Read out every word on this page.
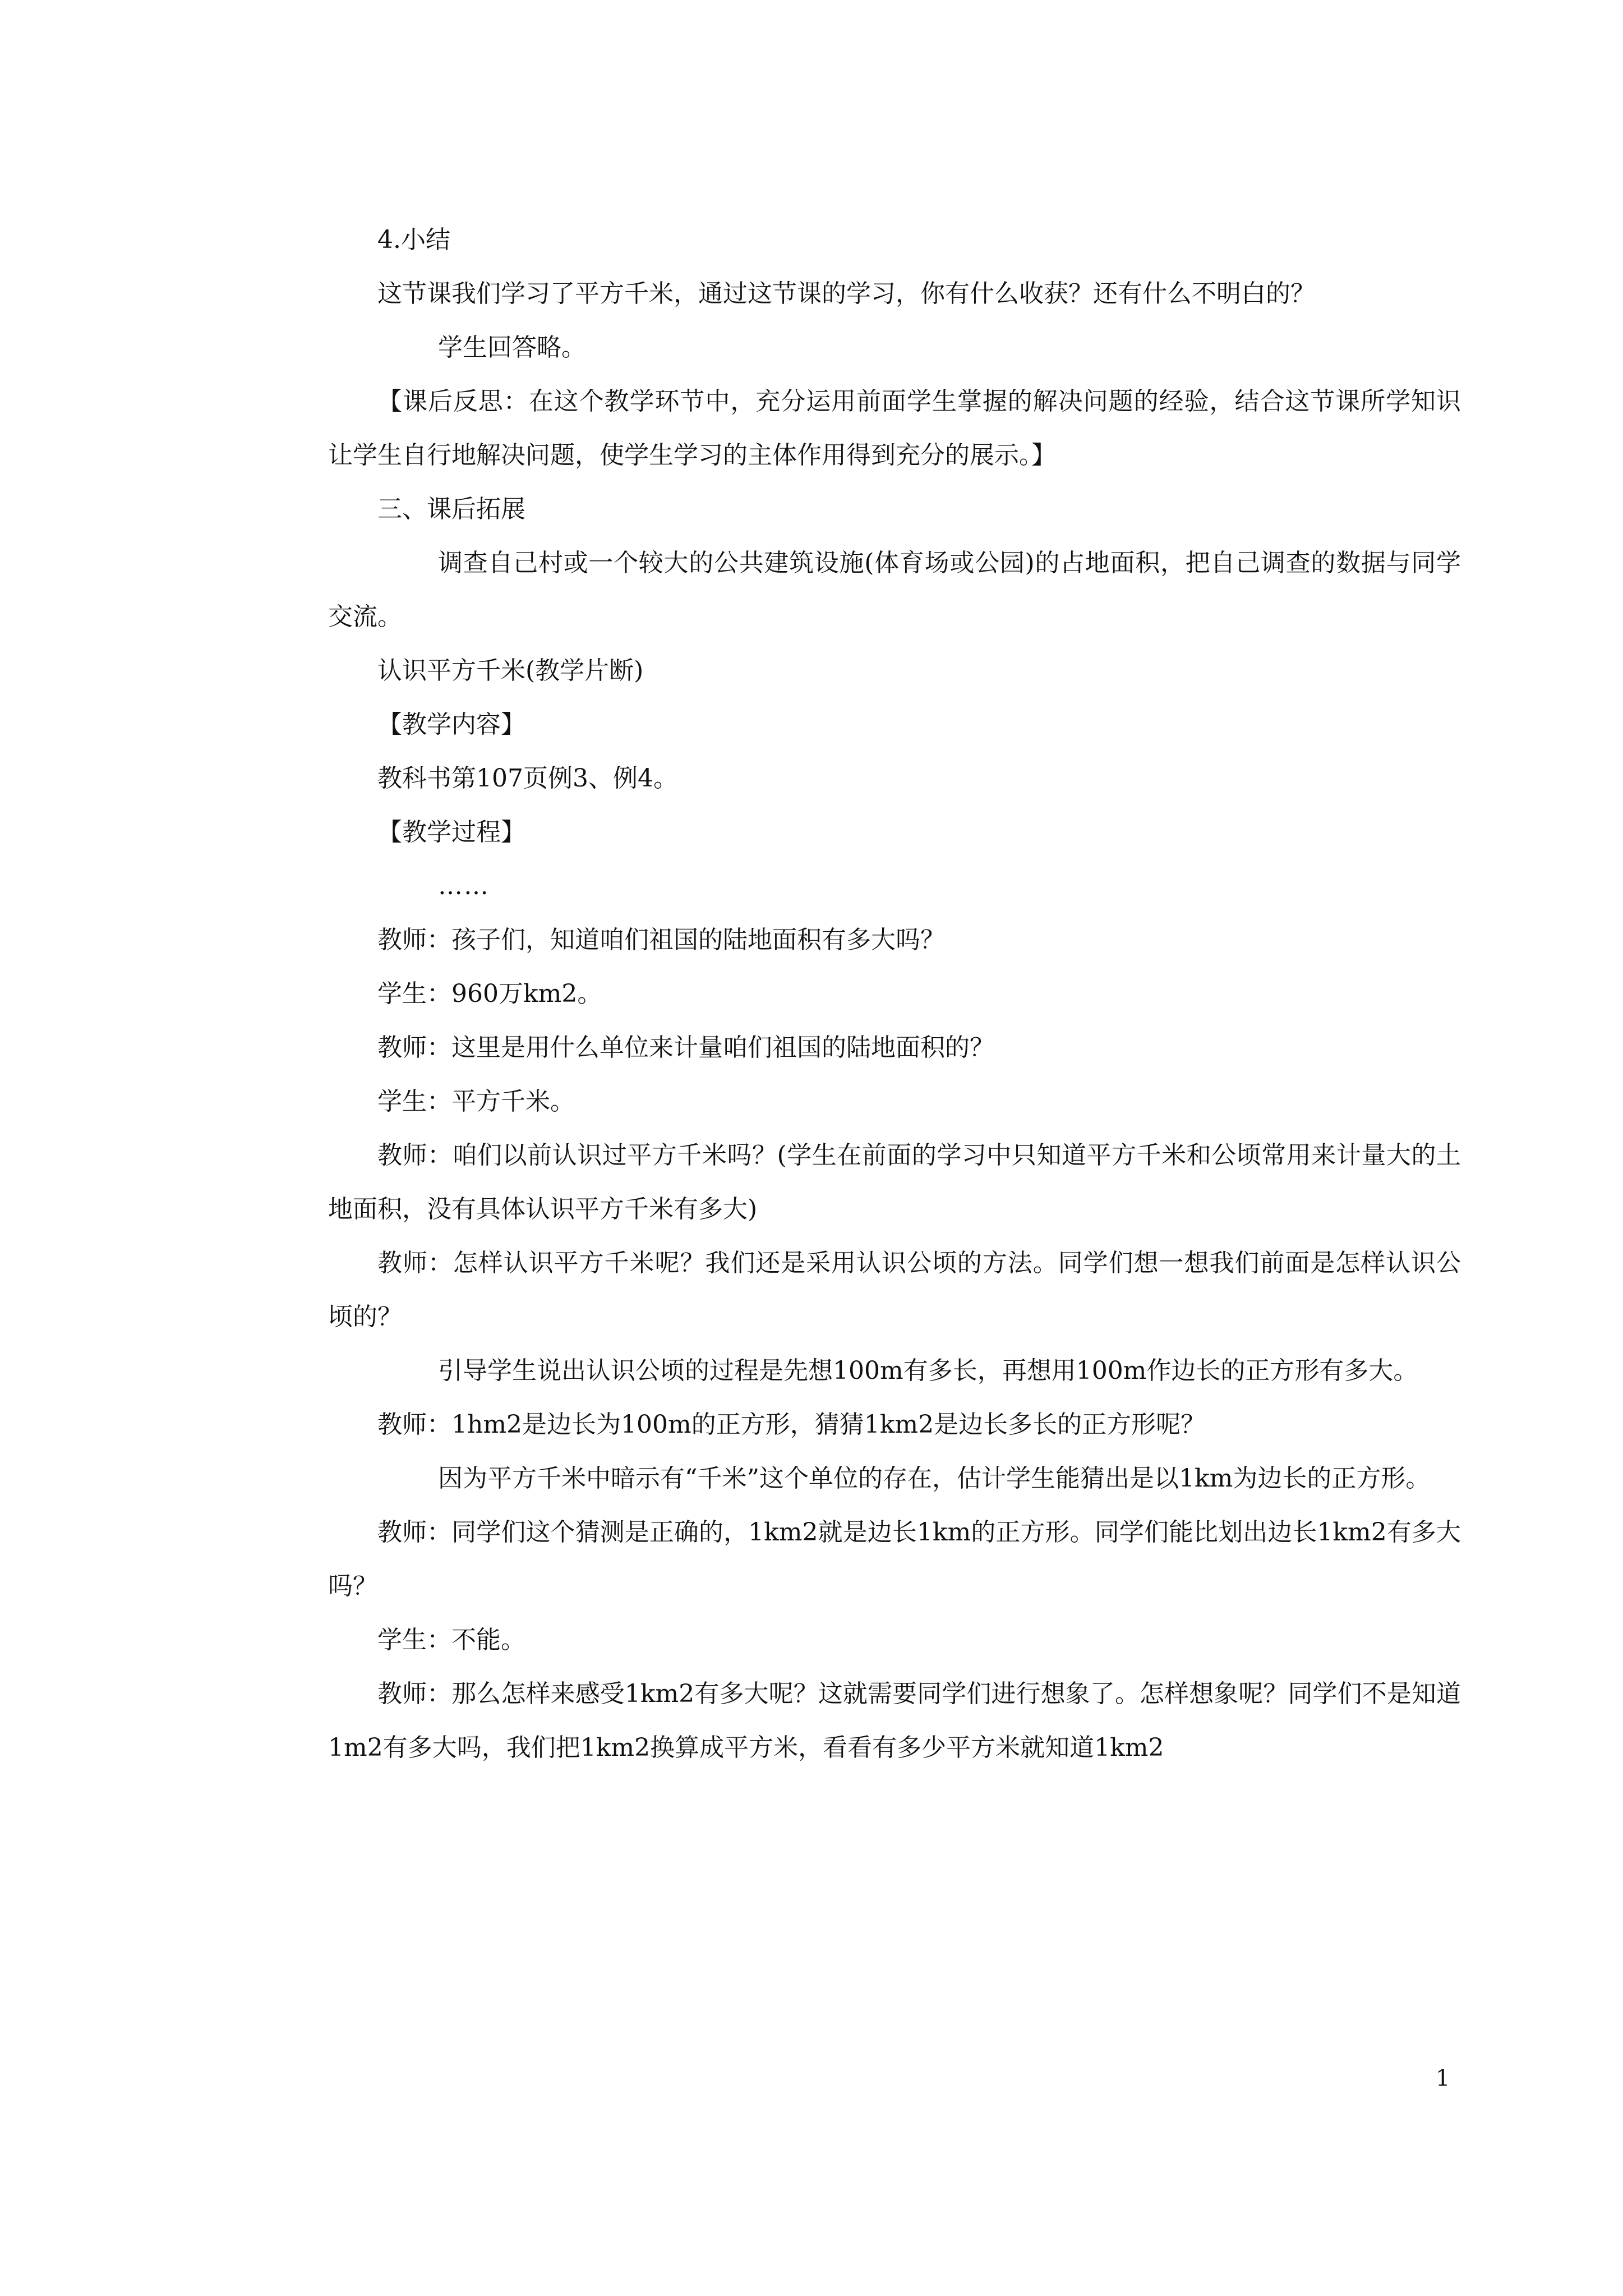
4.小结

这节课我们学习了平方千米，通过这节课的学习，你有什么收获？还有什么不明白的？

学生回答略。

【课后反思：在这个教学环节中，充分运用前面学生掌握的解决问题的经验，结合这节课所学知识让学生自行地解决问题，使学生学习的主体作用得到充分的展示。】

三、课后拓展

调查自己村或一个较大的公共建筑设施(体育场或公园)的占地面积，把自己调查的数据与同学交流。

认识平方千米(教学片断)

【教学内容】

教科书第107页例3、例4。

【教学过程】

……

教师：孩子们，知道咱们祖国的陆地面积有多大吗？

学生：960万km2。

教师：这里是用什么单位来计量咱们祖国的陆地面积的？

学生：平方千米。

教师：咱们以前认识过平方千米吗？(学生在前面的学习中只知道平方千米和公顷常用来计量大的土地面积，没有具体认识平方千米有多大)

教师：怎样认识平方千米呢？我们还是采用认识公顷的方法。同学们想一想我们前面是怎样认识公顷的？

引导学生说出认识公顷的过程是先想100m有多长，再想用100m作边长的正方形有多大。

教师：1hm2是边长为100m的正方形，猜猜1km2是边长多长的正方形呢？

因为平方千米中暗示有“千米”这个单位的存在，估计学生能猜出是以1km为边长的正方形。

教师：同学们这个猜测是正确的，1km2就是边长1km的正方形。同学们能比划出边长1km2有多大吗？

学生：不能。

教师：那么怎样来感受1km2有多大呢？这就需要同学们进行想象了。怎样想象呢？同学们不是知道1m2有多大吗，我们把1km2换算成平方米，看看有多少平方米就知道1km2

1
